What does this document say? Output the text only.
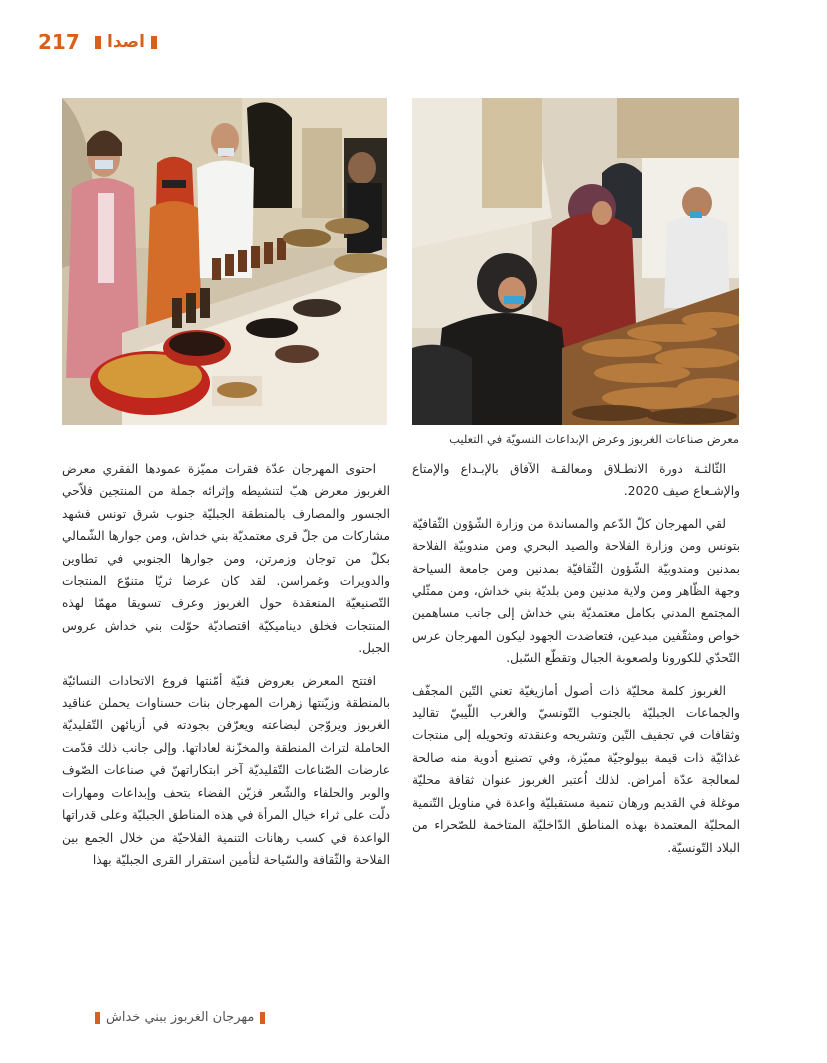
217 اصدا
معرض صناعات الغربوز وعرض الإبداعات النسويّة في التعليب

الثّالثـة دورة الانطـلاق ومعالقـة الآفاق بالإبـداع والإمتاع والإشـعاع صيف 2020.

لقي المهرجان كلّ الدّعم والمساندة من وزارة الشّؤون الثّقافيّة بتونس ومن وزارة الفلاحة والصيد البحري ومن مندوبيّة الفلاحة بمدنين ومندوبيّة الشّؤون الثّقافيّة بمدنين ومن جامعة السياحة وجهة الظّاهر ومن ولاية مدنين ومن بلديّة بني خداش، ومن ممثّلي المجتمع المدني بكامل معتمديّة بني خداش إلى جانب مساهمين خواص ومثقّفين مبدعين، فتعاضدت الجهود ليكون المهرجان عرس التّحدّي للكورونا ولصعوبة الجبال وتقطّع السّبل.

الغربوز كلمة محليّة ذات أصول أمازيغيّة تعني التّين المجفّف والجماعات الجبليّة بالجنوب التّونسيّ والغرب اللّيبيّ تقاليد وثقافات في تجفيف التّين وتشريحه وعنقدته وتحويله إلى منتجات غذائيّة ذات قيمة بيولوجيّة مميّزة، وفي تصنيع أدوية منه صالحة لمعالجة عدّة أمراض. لذلك اُعتبر الغربوز عنوان ثقافة محليّة موغلة في القديم ورهان تنمية مستقبليّة واعدة في مناويل التّنمية المحليّة المعتمدة بهذه المناطق الدّاخليّة المتاخمة للصّحراء من البلاد التّونسيّة.

احتوى المهرجان عدّة فقرات مميّزة عمودها الفقري معرض الغربوز معرض هبّ لتنشيطه وإثرائه جملة من المنتجين فلاّحي الجسور والمصارف بالمنطقة الجبليّة جنوب شرق تونس فشهد مشاركات من جلّ قرى معتمديّة بني خداش، ومن جوارها الشّمالي بكلّ من توجان وزمرتن، ومن جوارها الجنوبي في تطاوين والدويرات وغمراسن. لقد كان عرضا ثريّا متنوّع المنتجات التّصنيعيّة المنعقدة حول الغربوز وعرف تسويقا مهمّا لهذه المنتجات فخلق ديناميكيّة اقتصاديّة حوّلت بني خداش عروس الجبل.

افتتح المعرض بعروض فنيّة أمّنتها فروع الاتحادات النسائيّة بالمنطقة وزيّنتها زهرات المهرجان بنات حسناوات يحملن عناقيد الغربوز ويروّجن لبضاعته ويعرّفن بجودته في أزيائهن التّقليديّة الحاملة لتراث المنطقة والمخزّنة لعاداتها. وإلى جانب ذلك قدّمت عارضات الصّناعات التّقليديّة آخر ابتكاراتهنّ في صناعات الصّوف والوبر والحلفاء والشّعر فزيّن الفضاء بتحف وإبداعات ومهارات دلّت على ثراء خيال المرأة في هذه المناطق الجبليّة وعلى قدراتها الواعدة في كسب رهانات التنمية الفلاحيّة من خلال الجمع بين الفلاحة والثّقافة والسّياحة لتأمين استقرار القرى الجبليّة بهذا

مهرجان الغربوز ببني خداش
